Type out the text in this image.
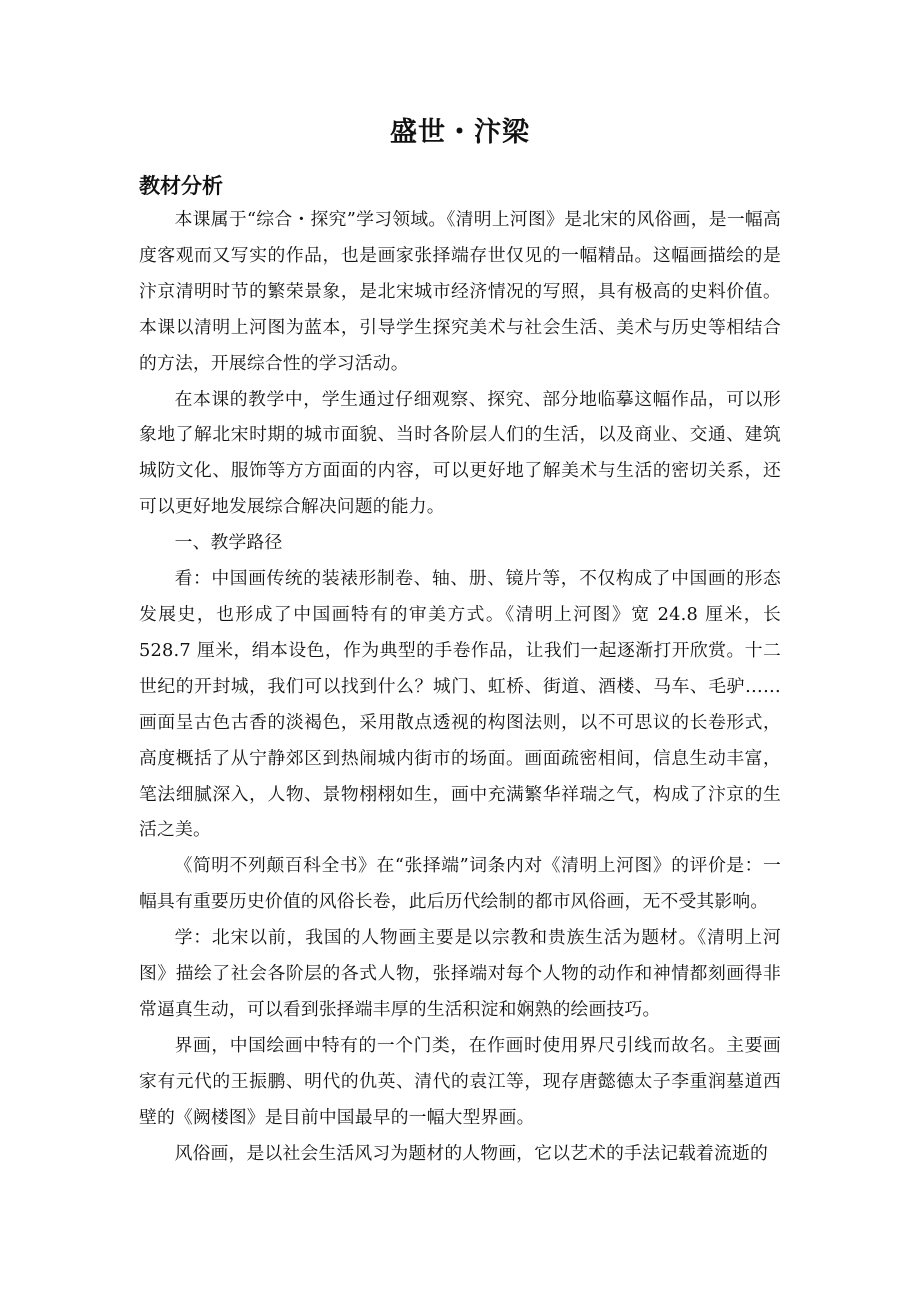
盛世・汴梁
教材分析

本课属于“综合・探究”学习领域。《清明上河图》是北宋的风俗画，是一幅高度客观而又写实的作品，也是画家张择端存世仅见的一幅精品。这幅画描绘的是汴京清明时节的繁荣景象，是北宋城市经济情况的写照，具有极高的史料价值。本课以清明上河图为蓝本，引导学生探究美术与社会生活、美术与历史等相结合的方法，开展综合性的学习活动。

在本课的教学中，学生通过仔细观察、探究、部分地临摹这幅作品，可以形象地了解北宋时期的城市面貌、当时各阶层人们的生活，以及商业、交通、建筑城防文化、服饰等方方面面的内容，可以更好地了解美术与生活的密切关系，还可以更好地发展综合解决问题的能力。

一、教学路径

看：中国画传统的装裱形制卷、轴、册、镜片等，不仅构成了中国画的形态发展史，也形成了中国画特有的审美方式。《清明上河图》宽 24.8 厘米，长528.7 厘米，绢本设色，作为典型的手卷作品，让我们一起逐渐打开欣赏。十二世纪的开封城，我们可以找到什么？城门、虹桥、街道、酒楼、马车、毛驴……画面呈古色古香的淡褐色，采用散点透视的构图法则，以不可思议的长卷形式，高度概括了从宁静郊区到热闹城内街市的场面。画面疏密相间，信息生动丰富，笔法细腻深入，人物、景物栩栩如生，画中充满繁华祥瑞之气，构成了汴京的生活之美。

《简明不列颠百科全书》在“张择端”词条内对《清明上河图》的评价是：一幅具有重要历史价值的风俗长卷，此后历代绘制的都市风俗画，无不受其影响。

学：北宋以前，我国的人物画主要是以宗教和贵族生活为题材。《清明上河图》描绘了社会各阶层的各式人物，张择端对每个人物的动作和神情都刻画得非常逼真生动，可以看到张择端丰厚的生活积淀和娴熟的绘画技巧。

界画，中国绘画中特有的一个门类，在作画时使用界尺引线而故名。主要画家有元代的王振鹏、明代的仇英、清代的袁江等，现存唐懿德太子李重润墓道西壁的《阙楼图》是目前中国最早的一幅大型界画。

风俗画，是以社会生活风习为题材的人物画，它以艺术的手法记载着流逝的
